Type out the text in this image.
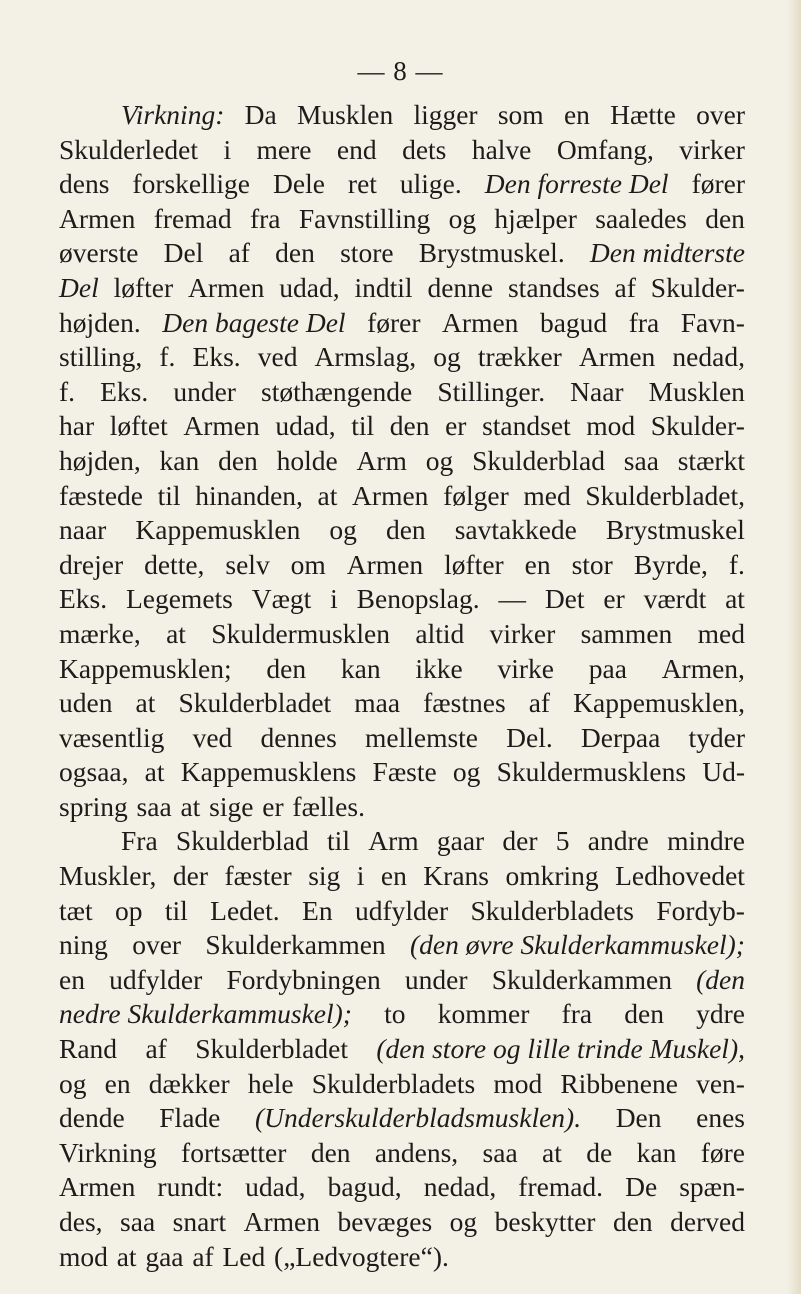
— 8 —
Virkning: Da Musklen ligger som en Hætte over
Skulderledet i mere end dets halve Omfang, virker
dens forskellige Dele ret ulige. Den forreste Del fører
Armen fremad fra Favnstilling og hjælper saaledes den
øverste Del af den store Brystmuskel. Den midterste
Del løfter Armen udad, indtil denne standses af Skulder-
højden. Den bageste Del fører Armen bagud fra Favn-
stilling, f. Eks. ved Armslag, og trækker Armen nedad,
f. Eks. under støthængende Stillinger. Naar Musklen
har løftet Armen udad, til den er standset mod Skulder-
højden, kan den holde Arm og Skulderblad saa stærkt
fæstede til hinanden, at Armen følger med Skulderbladet,
naar Kappemusklen og den savtakkede Brystmuskel
drejer dette, selv om Armen løfter en stor Byrde, f.
Eks. Legemets Vægt i Benopslag. — Det er værdt at
mærke, at Skuldermusklen altid virker sammen med
Kappemusklen; den kan ikke virke paa Armen,
uden at Skulderbladet maa fæstnes af Kappemusklen,
væsentlig ved dennes mellemste Del. Derpaa tyder
ogsaa, at Kappemusklens Fæste og Skuldermusklens Ud-
spring saa at sige er fælles.
Fra Skulderblad til Arm gaar der 5 andre mindre
Muskler, der fæster sig i en Krans omkring Ledhovedet
tæt op til Ledet. En udfylder Skulderbladets Fordyb-
ning over Skulderkammen (den øvre Skulderkammuskel);
en udfylder Fordybningen under Skulderkammen (den
nedre Skulderkammuskel); to kommer fra den ydre
Rand af Skulderbladet (den store og lille trinde Muskel),
og en dækker hele Skulderbladets mod Ribbenene ven-
dende Flade (Underskulderbladsmusklen). Den enes
Virkning fortsætter den andens, saa at de kan føre
Armen rundt: udad, bagud, nedad, fremad. De spæn-
des, saa snart Armen bevæges og beskytter den derved
mod at gaa af Led („Ledvogtere“).
